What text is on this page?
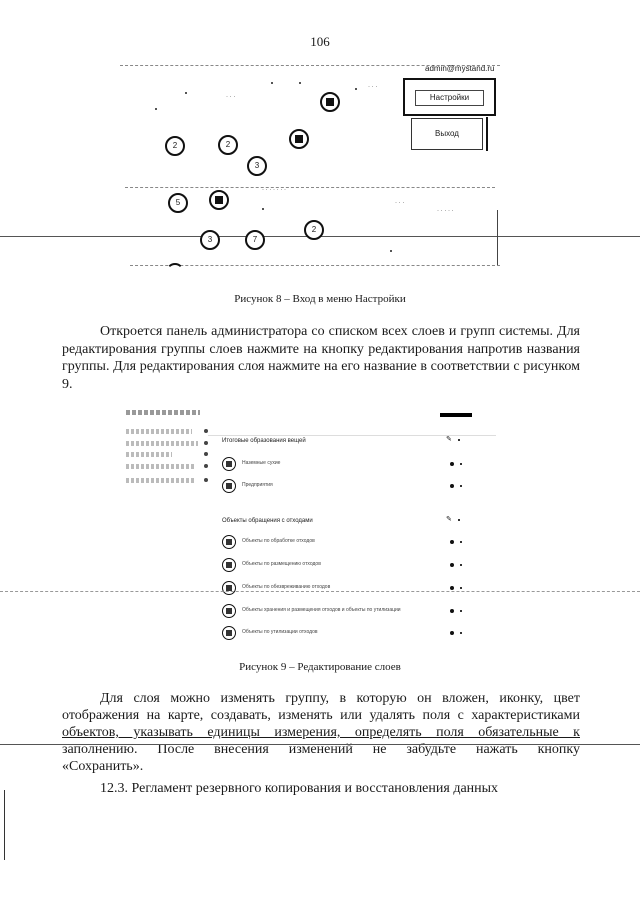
106
2	2
3
5
3	7
2
· · ·
· · ·
· · · · · · ·
· · ·
· · · · ·
admin@mystand.ru
Настройки
Выход
Рисунок 8 – Вход в меню Настройки
Откроется панель администратора со списком всех слоев и групп системы. Для редактирования группы слоев нажмите на кнопку редактирования напротив названия группы. Для редактирования слоя нажмите на его название в соответствии с рисунком 9.
Итоговые образования вещей	✎
Наземные сухие
Предприятия
Объекты обращения с отходами	✎
Объекты по обработке отходов
Объекты по размещению отходов
Объекты по обезвреживанию отходов
Объекты хранения и размещения отходов и объекты по утилизации
Объекты по утилизации отходов
Рисунок 9 – Редактирование слоев
Для слоя можно изменять группу, в которую он вложен, иконку, цвет
отображения на карте, создавать, изменять или удалять поля с характеристиками
объектов, указывать единицы измерения, определять поля обязательные к
заполнению. После внесения изменений не забудьте нажать кнопку
«Сохранить».
12.3. Регламент резервного копирования и восстановления данных
